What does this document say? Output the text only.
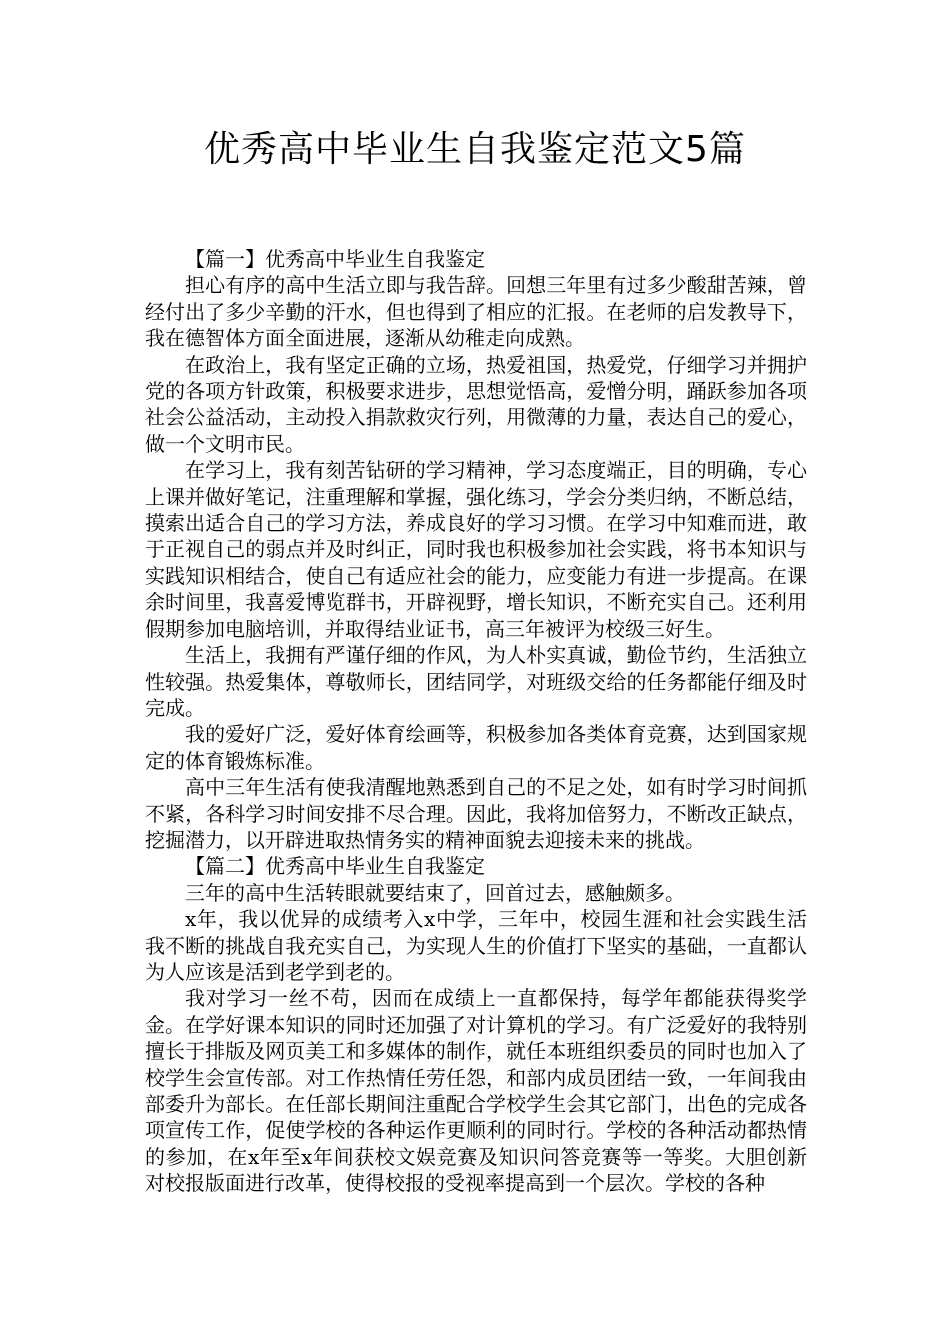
优秀高中毕业生自我鉴定范文5篇

【篇一】优秀高中毕业生自我鉴定

担心有序的高中生活立即与我告辞。回想三年里有过多少酸甜苦辣，曾经付出了多少辛勤的汗水，但也得到了相应的汇报。在老师的启发教导下，我在德智体方面全面进展，逐渐从幼稚走向成熟。

在政治上，我有坚定正确的立场，热爱祖国，热爱党，仔细学习并拥护党的各项方针政策，积极要求进步，思想觉悟高，爱憎分明，踊跃参加各项社会公益活动，主动投入捐款救灾行列，用微薄的力量，表达自己的爱心，做一个文明市民。

在学习上，我有刻苦钻研的学习精神，学习态度端正，目的明确，专心上课并做好笔记，注重理解和掌握，强化练习，学会分类归纳，不断总结，摸索出适合自己的学习方法，养成良好的学习习惯。在学习中知难而进，敢于正视自己的弱点并及时纠正，同时我也积极参加社会实践，将书本知识与实践知识相结合，使自己有适应社会的能力，应变能力有进一步提高。在课余时间里，我喜爱博览群书，开辟视野，增长知识，不断充实自己。还利用假期参加电脑培训，并取得结业证书，高三年被评为校级三好生。

生活上，我拥有严谨仔细的作风，为人朴实真诚，勤俭节约，生活独立性较强。热爱集体，尊敬师长，团结同学，对班级交给的任务都能仔细及时完成。

我的爱好广泛，爱好体育绘画等，积极参加各类体育竞赛，达到国家规定的体育锻炼标准。

高中三年生活有使我清醒地熟悉到自己的不足之处，如有时学习时间抓不紧，各科学习时间安排不尽合理。因此，我将加倍努力，不断改正缺点，挖掘潜力，以开辟进取热情务实的精神面貌去迎接未来的挑战。

【篇二】优秀高中毕业生自我鉴定

三年的高中生活转眼就要结束了，回首过去，感触颇多。

x年，我以优异的成绩考入x中学，三年中，校园生涯和社会实践生活我不断的挑战自我充实自己，为实现人生的价值打下坚实的基础，一直都认为人应该是活到老学到老的。

我对学习一丝不苟，因而在成绩上一直都保持，每学年都能获得奖学金。在学好课本知识的同时还加强了对计算机的学习。有广泛爱好的我特别擅长于排版及网页美工和多媒体的制作，就任本班组织委员的同时也加入了校学生会宣传部。对工作热情任劳任怨，和部内成员团结一致，一年间我由部委升为部长。在任部长期间注重配合学校学生会其它部门，出色的完成各项宣传工作，促使学校的各种运作更顺利的同时行。学校的各种活动都热情的参加，在x年至x年间获校文娱竞赛及知识问答竞赛等一等奖。大胆创新对校报版面进行改革，使得校报的受视率提高到一个层次。学校的各种
